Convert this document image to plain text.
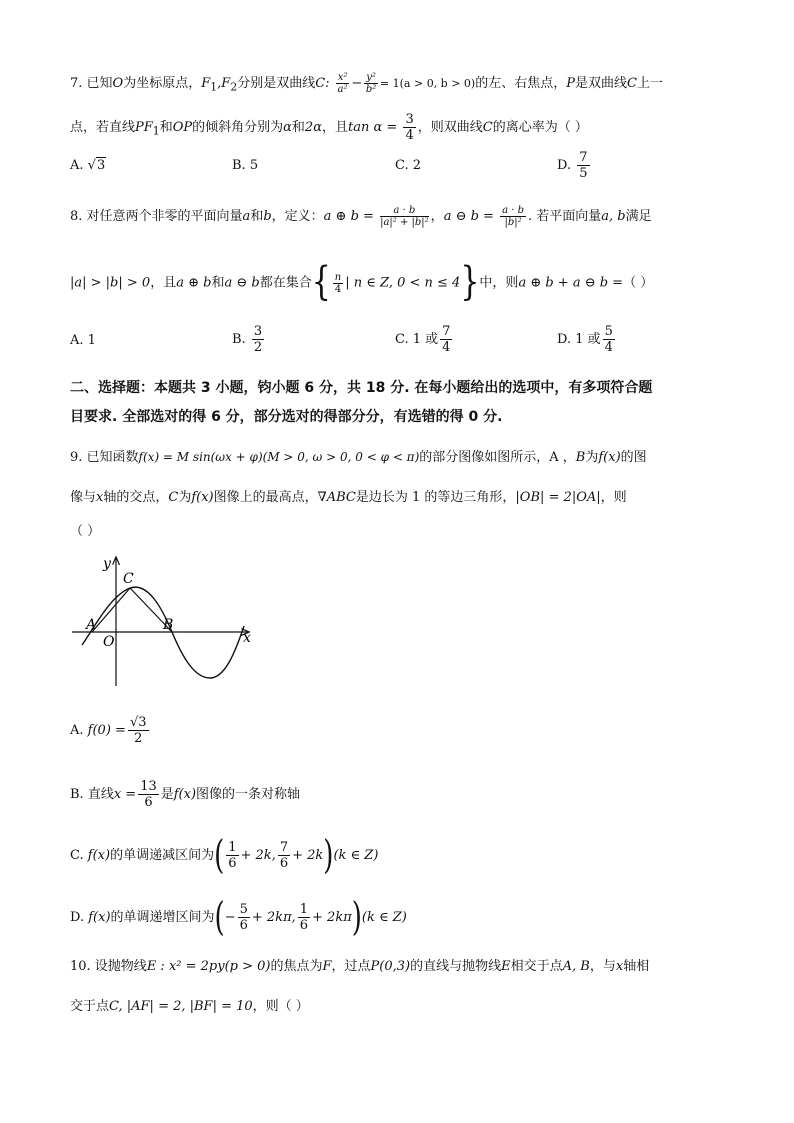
7. 已知O为坐标原点，$F_1,F_2$分别是双曲线C: $\frac{\text{x²}}{\text{a²}} - \frac{\text{y²}}{\text{b²}} = 1(a > 0$, b > 0)的左、右焦点，P是双曲线C上一
点，若直线$PF_1$和OP的倾斜角分别为α和2α，且$\tan \alpha = \frac{3}{4}$ ，则双曲线C的离心率为（ ）
A. √3	B. 5	C. 2	D. $\frac{7}{5}$
8. 对任意两个非零的平面向量a和b，定义：a ⊕ $b = \frac{a \cdot b}{\text{|a|² + |b|²}}$ ，a ⊖ $b = \frac{a \cdot b}{\text{|b|²}}$ . 若平面向量a, b满足
|a| > |b| > 0，且a ⊕ b和a ⊖ b都在集合{ $\frac{n}{4}$ | n ∈ Z, 0 < n ≤ 4}中，则a ⊕ b + a ⊖ b =（ ）
A. 1	B. $\frac{3}{2}$	C. 1 或 $\frac{7}{4}$	D. 1 或 $\frac{5}{4}$
二、选择题：本题共 3 小题，钧小题 6 分，共 18 分. 在每小题给出的选项中，有多项符合题
目要求. 全部选对的得 6 分，部分选对的得部分分，有选错的得 0 分.
9. 已知函数f(x) = M sin(ωx + φ)(M > 0, ω > 0, 0 < φ < π)的部分图像如图所示，A ，B为f(x)的图
像与x轴的交点，C为f(x)图像上的最高点，∇ABC是边长为 1 的等边三角形，|OB| = 2|OA|，则
（ ）
y
x
O
A	B
C
A. $f(0) = \frac{√3}{2}$
B. 直线$x = \frac{13}{6}$ 是f(x)图像的一条对称轴
C. f(x)的单调递减区间为( $\frac{1}{6} + 2k$, $\frac{7}{6} + 2k)(k$ ∈ Z)
D. f(x)的单调递增区间为(− $\frac{5}{6} + 2k\pi$, $\frac{1}{6} + 2k\pi)(k$ ∈ Z)
10. 设抛物线E : x² = 2py(p > 0)的焦点为F，过点P(0,3)的直线与抛物线E相交于点A, B，与x轴相
交于点C, |AF| = 2, |BF| = 10，则（ ）
